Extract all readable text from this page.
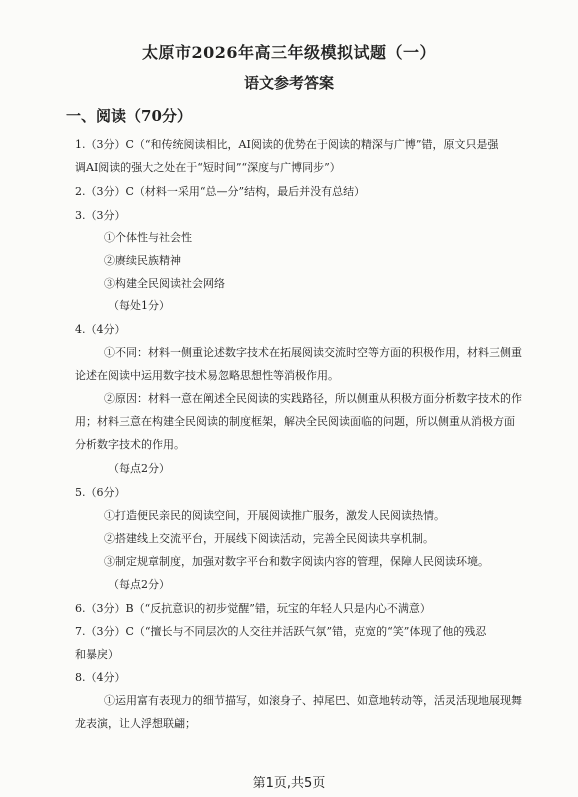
太原市2026年高三年级模拟试题（一）
语文参考答案
一、阅读（70分）
1.（3分）C（“和传统阅读相比，AI阅读的优势在于阅读的精深与广博”错，原文只是强
调AI阅读的强大之处在于“短时间”“深度与广博同步”）
2.（3分）C（材料一采用“总—分”结构，最后并没有总结）
3.（3分）
①个体性与社会性
②赓续民族精神
③构建全民阅读社会网络
（每处1分）
4.（4分）
①不同：材料一侧重论述数字技术在拓展阅读交流时空等方面的积极作用，材料三侧重
论述在阅读中运用数字技术易忽略思想性等消极作用。
②原因：材料一意在阐述全民阅读的实践路径，所以侧重从积极方面分析数字技术的作
用；材料三意在构建全民阅读的制度框架，解决全民阅读面临的问题，所以侧重从消极方面
分析数字技术的作用。
（每点2分）
5.（6分）
①打造便民亲民的阅读空间，开展阅读推广服务，激发人民阅读热情。
②搭建线上交流平台，开展线下阅读活动，完善全民阅读共享机制。
③制定规章制度，加强对数字平台和数字阅读内容的管理，保障人民阅读环境。
（每点2分）
6.（3分）B（“反抗意识的初步觉醒”错，玩宝的年轻人只是内心不满意）
7.（3分）C（“擅长与不同层次的人交往并活跃气氛”错，克宽的“笑”体现了他的残忍
和暴戾）
8.（4分）
①运用富有表现力的细节描写，如滚身子、掉尾巴、如意地转动等，活灵活现地展现舞
龙表演，让人浮想联翩；
第1页,共5页
